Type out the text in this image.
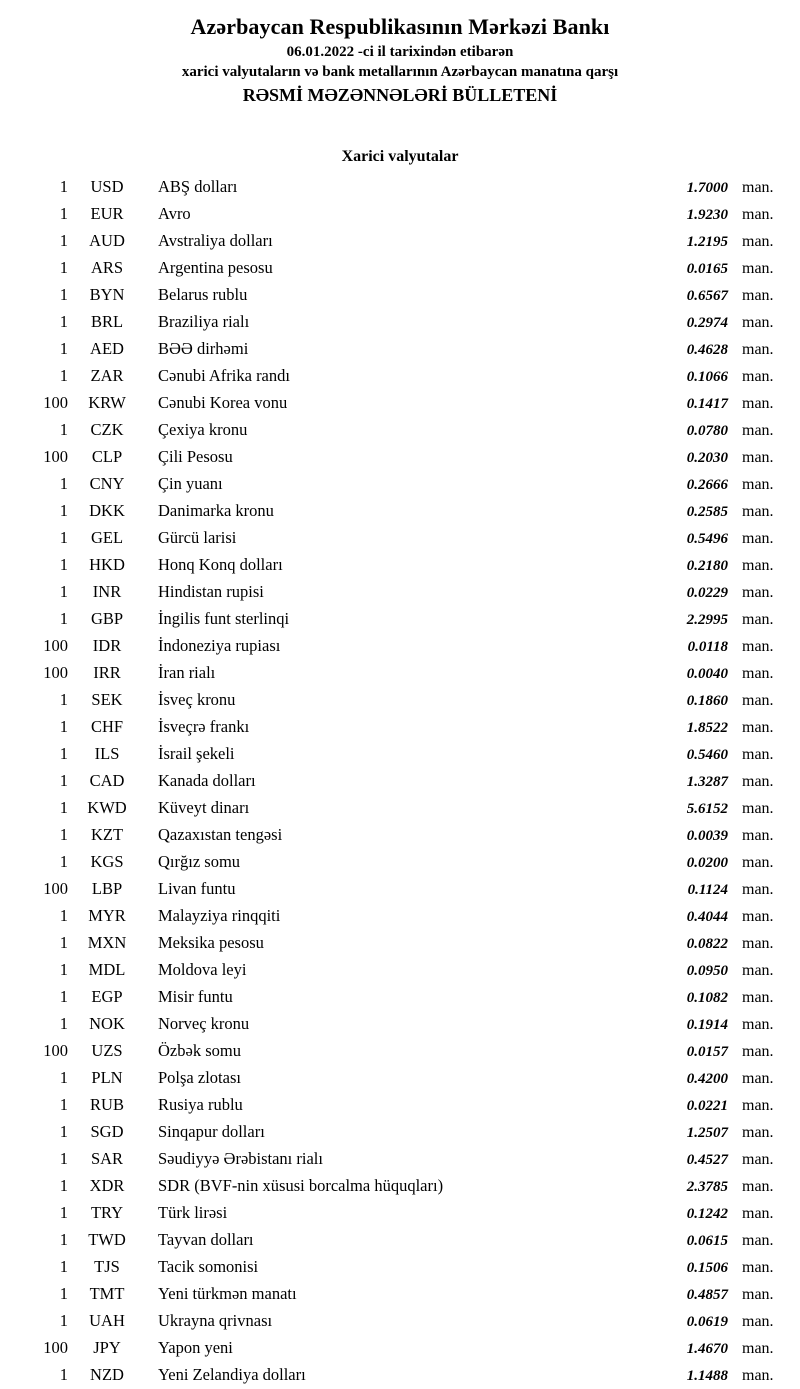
Azərbaycan Respublikasının Mərkəzi Bankı
06.01.2022 -ci il tarixindən etibarən
xarici valyutaların və bank metallarının Azərbaycan manatına qarşı
RƏSMİ MƏZƏNNƏLƏRİ BÜLLETENİ
Xarici valyutalar
1	USD	ABŞ dolları	1.7000	man.
1	EUR	Avro	1.9230	man.
1	AUD	Avstraliya dolları	1.2195	man.
1	ARS	Argentina pesosu	0.0165	man.
1	BYN	Belarus rublu	0.6567	man.
1	BRL	Braziliya rialı	0.2974	man.
1	AED	BƏƏ dirhəmi	0.4628	man.
1	ZAR	Cənubi Afrika randı	0.1066	man.
100	KRW	Cənubi Korea vonu	0.1417	man.
1	CZK	Çexiya kronu	0.0780	man.
100	CLP	Çili Pesosu	0.2030	man.
1	CNY	Çin yuanı	0.2666	man.
1	DKK	Danimarka kronu	0.2585	man.
1	GEL	Gürcü larisi	0.5496	man.
1	HKD	Honq Konq dolları	0.2180	man.
1	INR	Hindistan rupisi	0.0229	man.
1	GBP	İngilis funt sterlinqi	2.2995	man.
100	IDR	İndoneziya rupiası	0.0118	man.
100	IRR	İran rialı	0.0040	man.
1	SEK	İsveç kronu	0.1860	man.
1	CHF	İsveçrə frankı	1.8522	man.
1	ILS	İsrail şekeli	0.5460	man.
1	CAD	Kanada dolları	1.3287	man.
1	KWD	Küveyt dinarı	5.6152	man.
1	KZT	Qazaxıstan tengəsi	0.0039	man.
1	KGS	Qırğız somu	0.0200	man.
100	LBP	Livan funtu	0.1124	man.
1	MYR	Malayziya rinqqiti	0.4044	man.
1	MXN	Meksika pesosu	0.0822	man.
1	MDL	Moldova leyi	0.0950	man.
1	EGP	Misir funtu	0.1082	man.
1	NOK	Norveç kronu	0.1914	man.
100	UZS	Özbək somu	0.0157	man.
1	PLN	Polşa zlotası	0.4200	man.
1	RUB	Rusiya rublu	0.0221	man.
1	SGD	Sinqapur dolları	1.2507	man.
1	SAR	Səudiyyə Ərəbistanı rialı	0.4527	man.
1	XDR	SDR (BVF-nin xüsusi borcalma hüquqları)	2.3785	man.
1	TRY	Türk lirəsi	0.1242	man.
1	TWD	Tayvan dolları	0.0615	man.
1	TJS	Tacik somonisi	0.1506	man.
1	TMT	Yeni türkmən manatı	0.4857	man.
1	UAH	Ukrayna qrivnası	0.0619	man.
100	JPY	Yapon yeni	1.4670	man.
1	NZD	Yeni Zelandiya dolları	1.1488	man.
